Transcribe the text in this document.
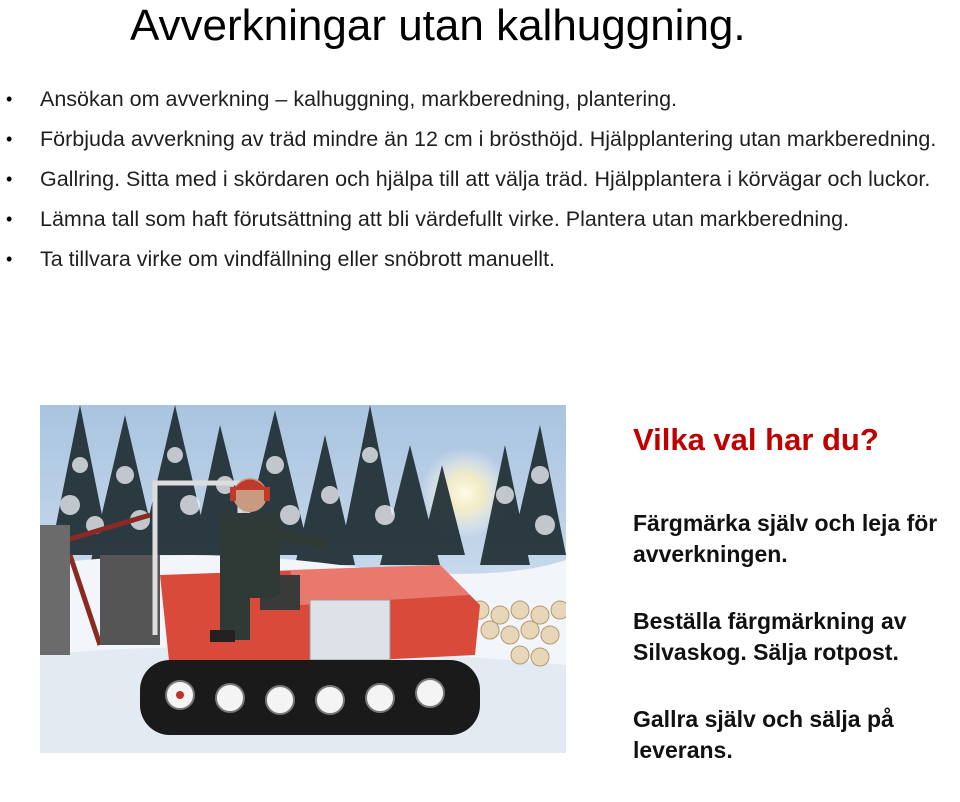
Avverkningar utan kalhuggning.
• Ansökan om avverkning – kalhuggning, markberedning, plantering.
• Förbjuda avverkning av träd mindre än 12 cm i brösthöjd. Hjälpplantering utan markberedning.
• Gallring. Sitta med i skördaren och hjälpa till att välja träd. Hjälpplantera i körvägar och luckor.
• Lämna tall som haft förutsättning att bli värdefullt virke. Plantera utan markberedning.
• Ta tillvara virke om vindfällning eller snöbrott manuellt.
Vilka val har du?
Färgmärka själv och leja för avverkningen.
Beställa färgmärkning av Silvaskog. Sälja rotpost.
Gallra själv och sälja på leverans.
